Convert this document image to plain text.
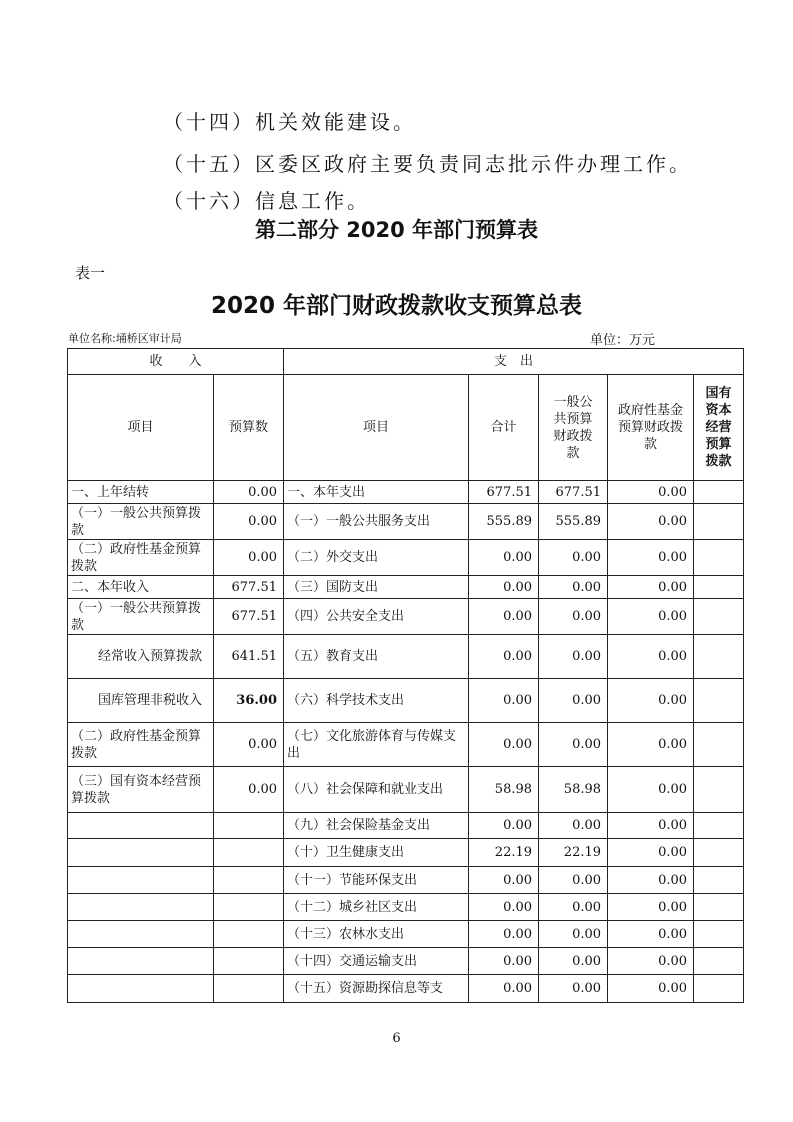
（十四）机关效能建设。
（十五）区委区政府主要负责同志批示件办理工作。
（十六）信息工作。
第二部分 2020 年部门预算表
表一
2020 年部门财政拨款收支预算总表
单位名称:埇桥区审计局	单位：万元
收　　入		支　出				
项目	预算数	项目	合计	一般公共预算财政拨款	政府性基金预算财政拨款	国有资本经营预算拨款
一、上年结转	0.00	一、本年支出	677.51	677.51	0.00	
（一）一般公共预算拨款	0.00	（一）一般公共服务支出	555.89	555.89	0.00	
（二）政府性基金预算拨款	0.00	（二）外交支出	0.00	0.00	0.00	
二、本年收入	677.51	（三）国防支出	0.00	0.00	0.00	
（一）一般公共预算拨款	677.51	（四）公共安全支出	0.00	0.00	0.00	
经常收入预算拨款	641.51	（五）教育支出	0.00	0.00	0.00	
国库管理非税收入	36.00	（六）科学技术支出	0.00	0.00	0.00	
（二）政府性基金预算拨款	0.00	（七）文化旅游体育与传媒支出	0.00	0.00	0.00	
（三）国有资本经营预算拨款	0.00	（八）社会保障和就业支出	58.98	58.98	0.00	
		（九）社会保险基金支出	0.00	0.00	0.00	
		（十）卫生健康支出	22.19	22.19	0.00	
		（十一）节能环保支出	0.00	0.00	0.00	
		（十二）城乡社区支出	0.00	0.00	0.00	
		（十三）农林水支出	0.00	0.00	0.00	
		（十四）交通运输支出	0.00	0.00	0.00	
		（十五）资源勘探信息等支	0.00	0.00	0.00	
6
